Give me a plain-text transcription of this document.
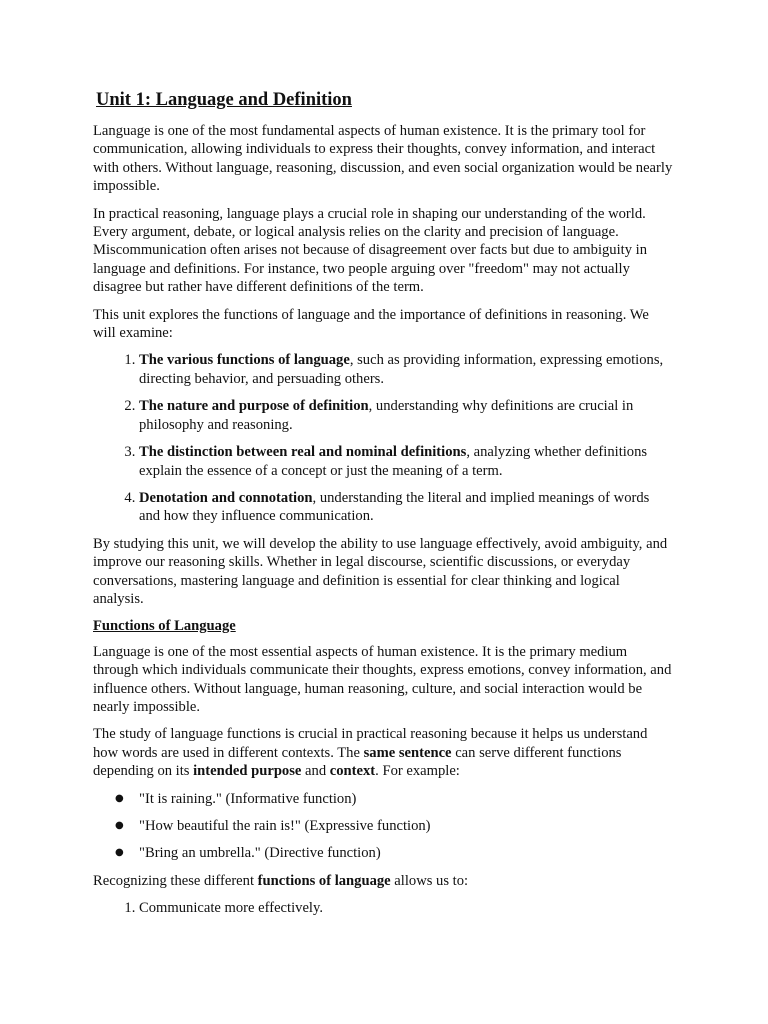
Unit 1: Language and Definition

Language is one of the most fundamental aspects of human existence. It is the primary tool for communication, allowing individuals to express their thoughts, convey information, and interact with others. Without language, reasoning, discussion, and even social organization would be nearly impossible.

In practical reasoning, language plays a crucial role in shaping our understanding of the world. Every argument, debate, or logical analysis relies on the clarity and precision of language. Miscommunication often arises not because of disagreement over facts but due to ambiguity in language and definitions. For instance, two people arguing over "freedom" may not actually disagree but rather have different definitions of the term.

This unit explores the functions of language and the importance of definitions in reasoning. We will examine:

1. The various functions of language, such as providing information, expressing emotions, directing behavior, and persuading others.
2. The nature and purpose of definition, understanding why definitions are crucial in philosophy and reasoning.
3. The distinction between real and nominal definitions, analyzing whether definitions explain the essence of a concept or just the meaning of a term.
4. Denotation and connotation, understanding the literal and implied meanings of words and how they influence communication.

By studying this unit, we will develop the ability to use language effectively, avoid ambiguity, and improve our reasoning skills. Whether in legal discourse, scientific discussions, or everyday conversations, mastering language and definition is essential for clear thinking and logical analysis.

Functions of Language

Language is one of the most essential aspects of human existence. It is the primary medium through which individuals communicate their thoughts, express emotions, convey information, and influence others. Without language, human reasoning, culture, and social interaction would be nearly impossible.

The study of language functions is crucial in practical reasoning because it helps us understand how words are used in different contexts. The same sentence can serve different functions depending on its intended purpose and context. For example:

● "It is raining." (Informative function)
● "How beautiful the rain is!" (Expressive function)
● "Bring an umbrella." (Directive function)

Recognizing these different functions of language allows us to:

1. Communicate more effectively.
